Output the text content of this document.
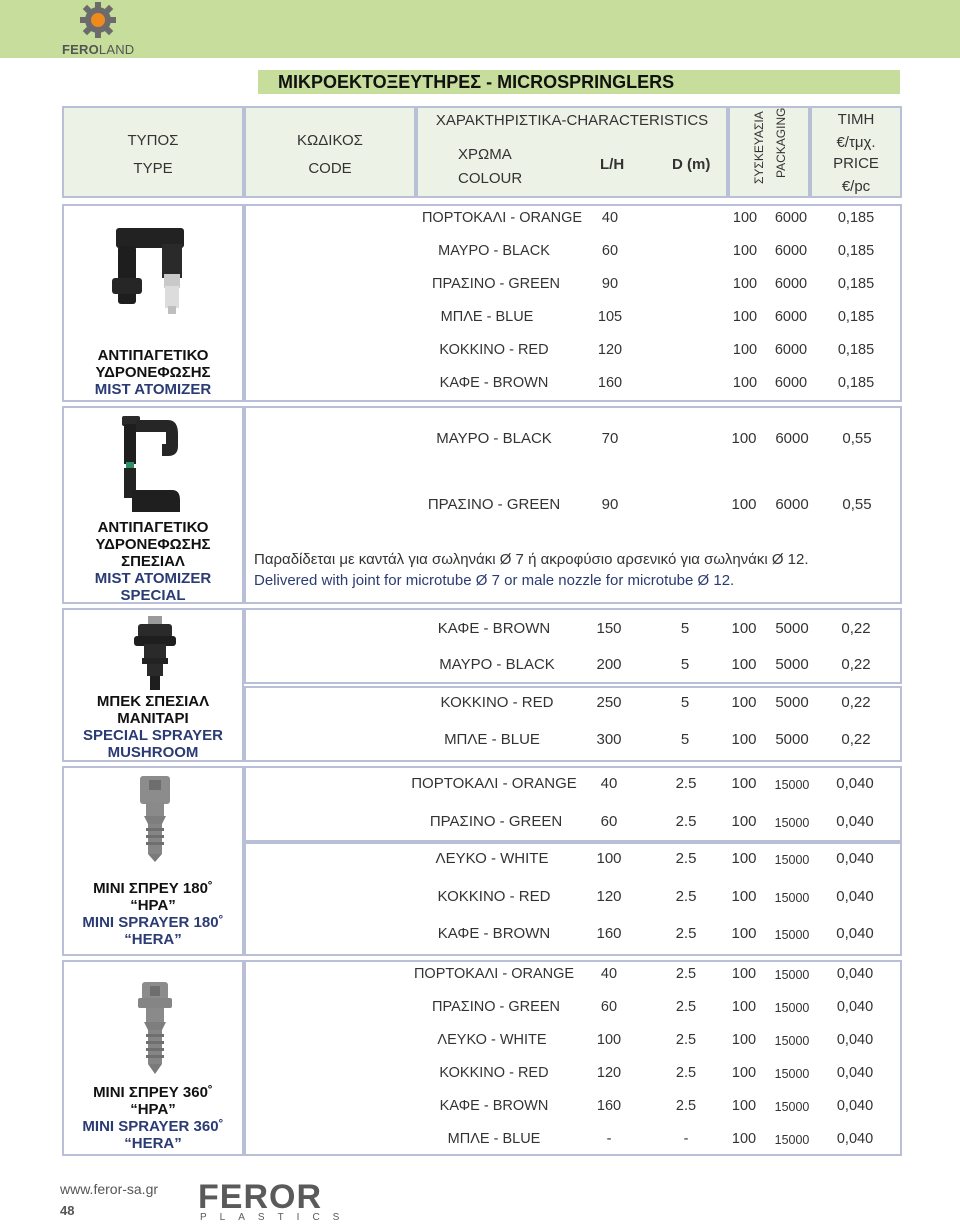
FEROLAND
ΜΙΚΡΟΕΚΤΟΞΕΥΤΗΡΕΣ - MICROSPRINGLERS
ΤΥΠΟΣ
TYPE
ΚΩΔΙΚΟΣ
CODE
ΧΑΡΑΚΤΗΡΙΣΤΙΚΑ-CHARACTERISTICS
ΧΡΩΜΑ
COLOUR
L/H	D (m)	ΣΥΣΚΕΥΑΣΙΑ PACKAGING	ΤΙΜΗ
€/τμχ.
PRICE
€/pc
ΑΝΤΙΠΑΓΕΤΙΚΟ
ΥΔΡΟΝΕΦΩΣΗΣ
MIST ATOMIZER
ΠΟΡΤΟΚΑΛΙ - ORANGE 40	100 6000 0,185
ΜΑΥΡΟ - BLACK	60	100 6000 0,185
ΠΡΑΣΙΝΟ - GREEN	90	100 6000 0,185
ΜΠΛΕ - BLUE	105	100 6000 0,185
ΚΟΚΚΙΝΟ - RED	120	100 6000 0,185
ΚΑΦΕ - BROWN	160	100 6000 0,185
ΑΝΤΙΠΑΓΕΤΙΚΟ
ΥΔΡΟΝΕΦΩΣΗΣ
ΣΠΕΣΙΑΛ
MIST ATOMIZER
SPECIAL
ΜΑΥΡΟ - BLACK	70	100 6000 0,55
ΠΡΑΣΙΝΟ - GREEN	90	100 6000 0,55
Παραδίδεται με καντάλ για σωληνάκι Ø 7 ή ακροφύσιο αρσενικό για σωληνάκι Ø 12.
Delivered with joint for microtube Ø 7 or male nozzle for microtube Ø 12.
ΜΠΕΚ ΣΠΕΣΙΑΛ
ΜΑΝΙΤΑΡΙ
SPECIAL SPRAYER
MUSHROOM
ΚΑΦΕ - BROWN	150	5	100 5000 0,22
ΜΑΥΡΟ - BLACK	200	5	100 5000 0,22
ΚΟΚΚΙΝΟ - RED	250	5	100 5000 0,22
ΜΠΛΕ - BLUE	300	5	100 5000 0,22
ΜΙΝΙ ΣΠΡΕΥ 180˚
“ΗΡΑ”
MINI SPRAYER 180˚
“HERA”
ΠΟΡΤΟΚΑΛΙ - ORANGE 40	2.5 100 15000 0,040
ΠΡΑΣΙΝΟ - GREEN	60	2.5 100 15000 0,040
ΛΕΥΚΟ - WHITE	100	2.5 100 15000 0,040
ΚΟΚΚΙΝΟ - RED	120	2.5 100 15000 0,040
ΚΑΦΕ - BROWN	160	2.5 100 15000 0,040
ΜΙΝΙ ΣΠΡΕΥ 360˚
“ΗΡΑ”
MINI SPRAYER 360˚
“HERA”
ΠΟΡΤΟΚΑΛΙ - ORANGE 40	2.5 100 15000 0,040
ΠΡΑΣΙΝΟ - GREEN	60	2.5 100 15000 0,040
ΛΕΥΚΟ - WHITE	100	2.5 100 15000 0,040
ΚΟΚΚΙΝΟ - RED	120	2.5 100 15000 0,040
ΚΑΦΕ - BROWN	160	2.5 100 15000 0,040
ΜΠΛΕ - BLUE	-	-	100 15000 0,040
www.feror-sa.gr
48	FEROR
PLASTICS
